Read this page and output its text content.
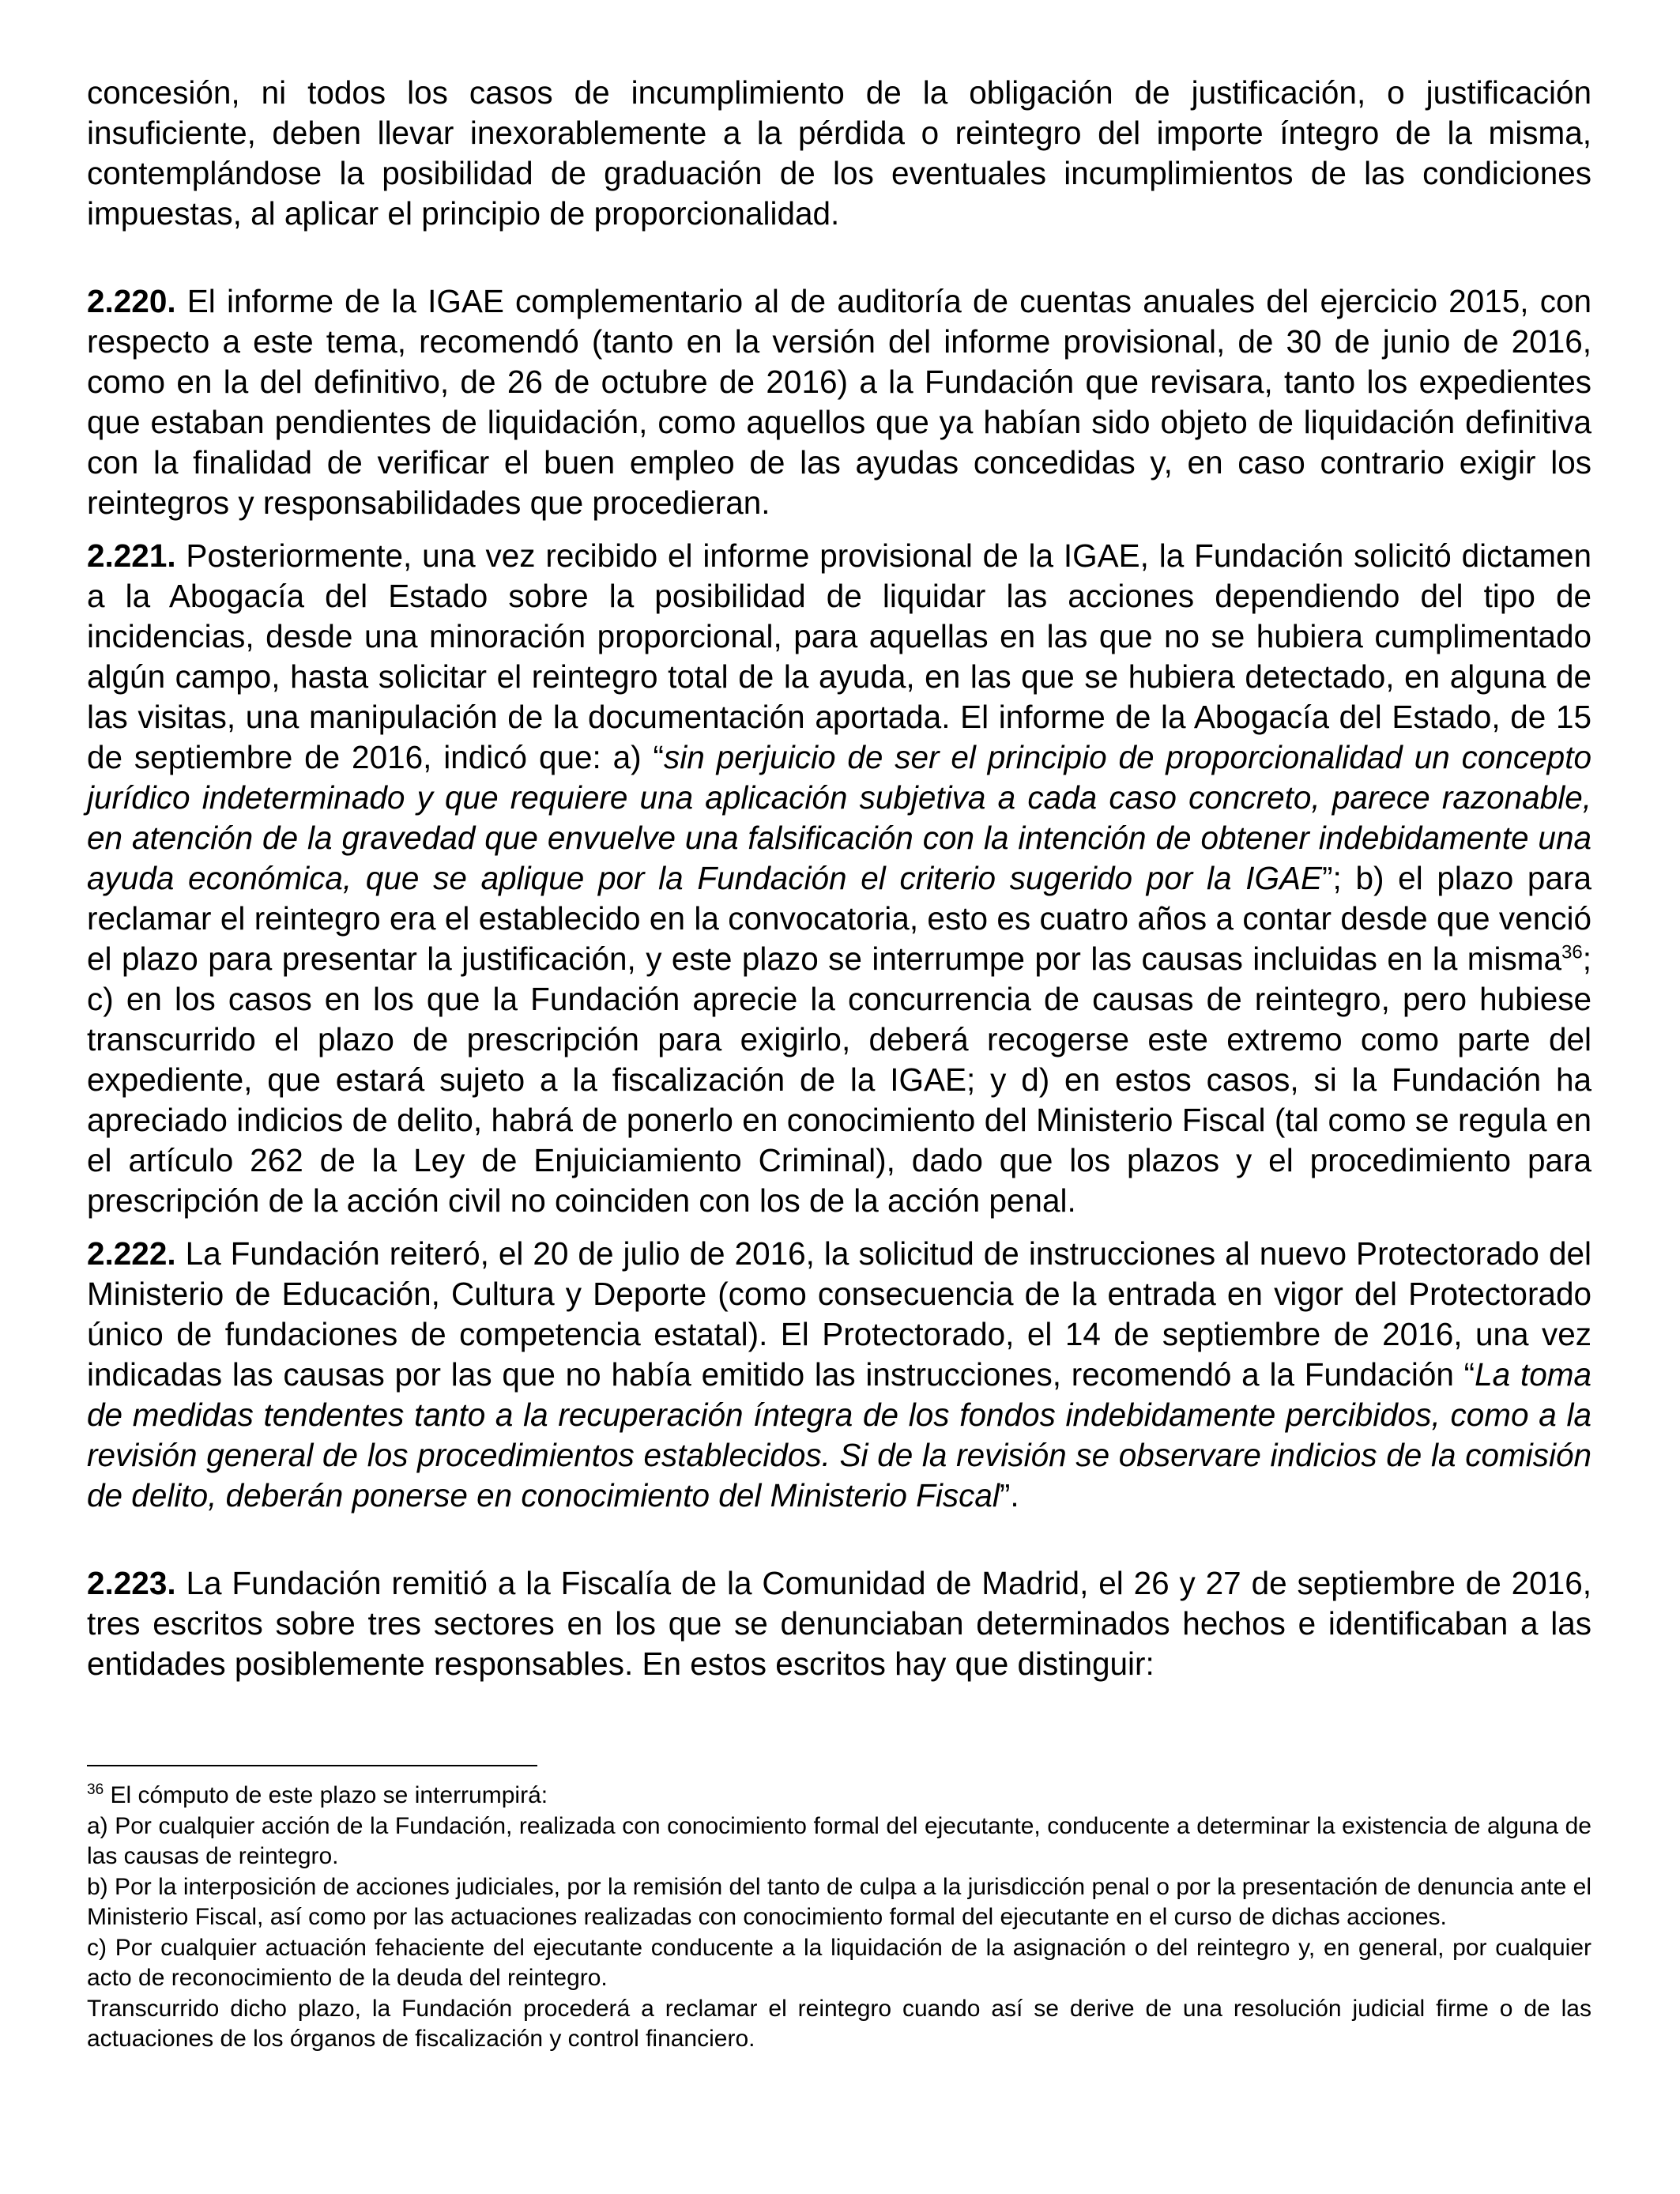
concesión, ni todos los casos de incumplimiento de la obligación de justificación, o justificación insuficiente, deben llevar inexorablemente a la pérdida o reintegro del importe íntegro de la misma, contemplándose la posibilidad de graduación de los eventuales incumplimientos de las condiciones impuestas, al aplicar el principio de proporcionalidad.

2.220. El informe de la IGAE complementario al de auditoría de cuentas anuales del ejercicio 2015, con respecto a este tema, recomendó (tanto en la versión del informe provisional, de 30 de junio de 2016, como en la del definitivo, de 26 de octubre de 2016) a la Fundación que revisara, tanto los expedientes que estaban pendientes de liquidación, como aquellos que ya habían sido objeto de liquidación definitiva con la finalidad de verificar el buen empleo de las ayudas concedidas y, en caso contrario exigir los reintegros y responsabilidades que procedieran.

2.221. Posteriormente, una vez recibido el informe provisional de la IGAE, la Fundación solicitó dictamen a la Abogacía del Estado sobre la posibilidad de liquidar las acciones dependiendo del tipo de incidencias, desde una minoración proporcional, para aquellas en las que no se hubiera cumplimentado algún campo, hasta solicitar el reintegro total de la ayuda, en las que se hubiera detectado, en alguna de las visitas, una manipulación de la documentación aportada. El informe de la Abogacía del Estado, de 15 de septiembre de 2016, indicó que: a) “sin perjuicio de ser el principio de proporcionalidad un concepto jurídico indeterminado y que requiere una aplicación subjetiva a cada caso concreto, parece razonable, en atención de la gravedad que envuelve una falsificación con la intención de obtener indebidamente una ayuda económica, que se aplique por la Fundación el criterio sugerido por la IGAE”; b) el plazo para reclamar el reintegro era el establecido en la convocatoria, esto es cuatro años a contar desde que venció el plazo para presentar la justificación, y este plazo se interrumpe por las causas incluidas en la misma$^{36}$; c) en los casos en los que la Fundación aprecie la concurrencia de causas de reintegro, pero hubiese transcurrido el plazo de prescripción para exigirlo, deberá recogerse este extremo como parte del expediente, que estará sujeto a la fiscalización de la IGAE; y d) en estos casos, si la Fundación ha apreciado indicios de delito, habrá de ponerlo en conocimiento del Ministerio Fiscal (tal como se regula en el artículo 262 de la Ley de Enjuiciamiento Criminal), dado que los plazos y el procedimiento para prescripción de la acción civil no coinciden con los de la acción penal.

2.222. La Fundación reiteró, el 20 de julio de 2016, la solicitud de instrucciones al nuevo Protectorado del Ministerio de Educación, Cultura y Deporte (como consecuencia de la entrada en vigor del Protectorado único de fundaciones de competencia estatal). El Protectorado, el 14 de septiembre de 2016, una vez indicadas las causas por las que no había emitido las instrucciones, recomendó a la Fundación “La toma de medidas tendentes tanto a la recuperación íntegra de los fondos indebidamente percibidos, como a la revisión general de los procedimientos establecidos. Si de la revisión se observare indicios de la comisión de delito, deberán ponerse en conocimiento del Ministerio Fiscal”.

2.223. La Fundación remitió a la Fiscalía de la Comunidad de Madrid, el 26 y 27 de septiembre de 2016, tres escritos sobre tres sectores en los que se denunciaban determinados hechos e identificaban a las entidades posiblemente responsables. En estos escritos hay que distinguir:

$^{36}$ El cómputo de este plazo se interrumpirá:

a) Por cualquier acción de la Fundación, realizada con conocimiento formal del ejecutante, conducente a determinar la existencia de alguna de las causas de reintegro.

b) Por la interposición de acciones judiciales, por la remisión del tanto de culpa a la jurisdicción penal o por la presentación de denuncia ante el Ministerio Fiscal, así como por las actuaciones realizadas con conocimiento formal del ejecutante en el curso de dichas acciones.

c) Por cualquier actuación fehaciente del ejecutante conducente a la liquidación de la asignación o del reintegro y, en general, por cualquier acto de reconocimiento de la deuda del reintegro.

Transcurrido dicho plazo, la Fundación procederá a reclamar el reintegro cuando así se derive de una resolución judicial firme o de las actuaciones de los órganos de fiscalización y control financiero.
